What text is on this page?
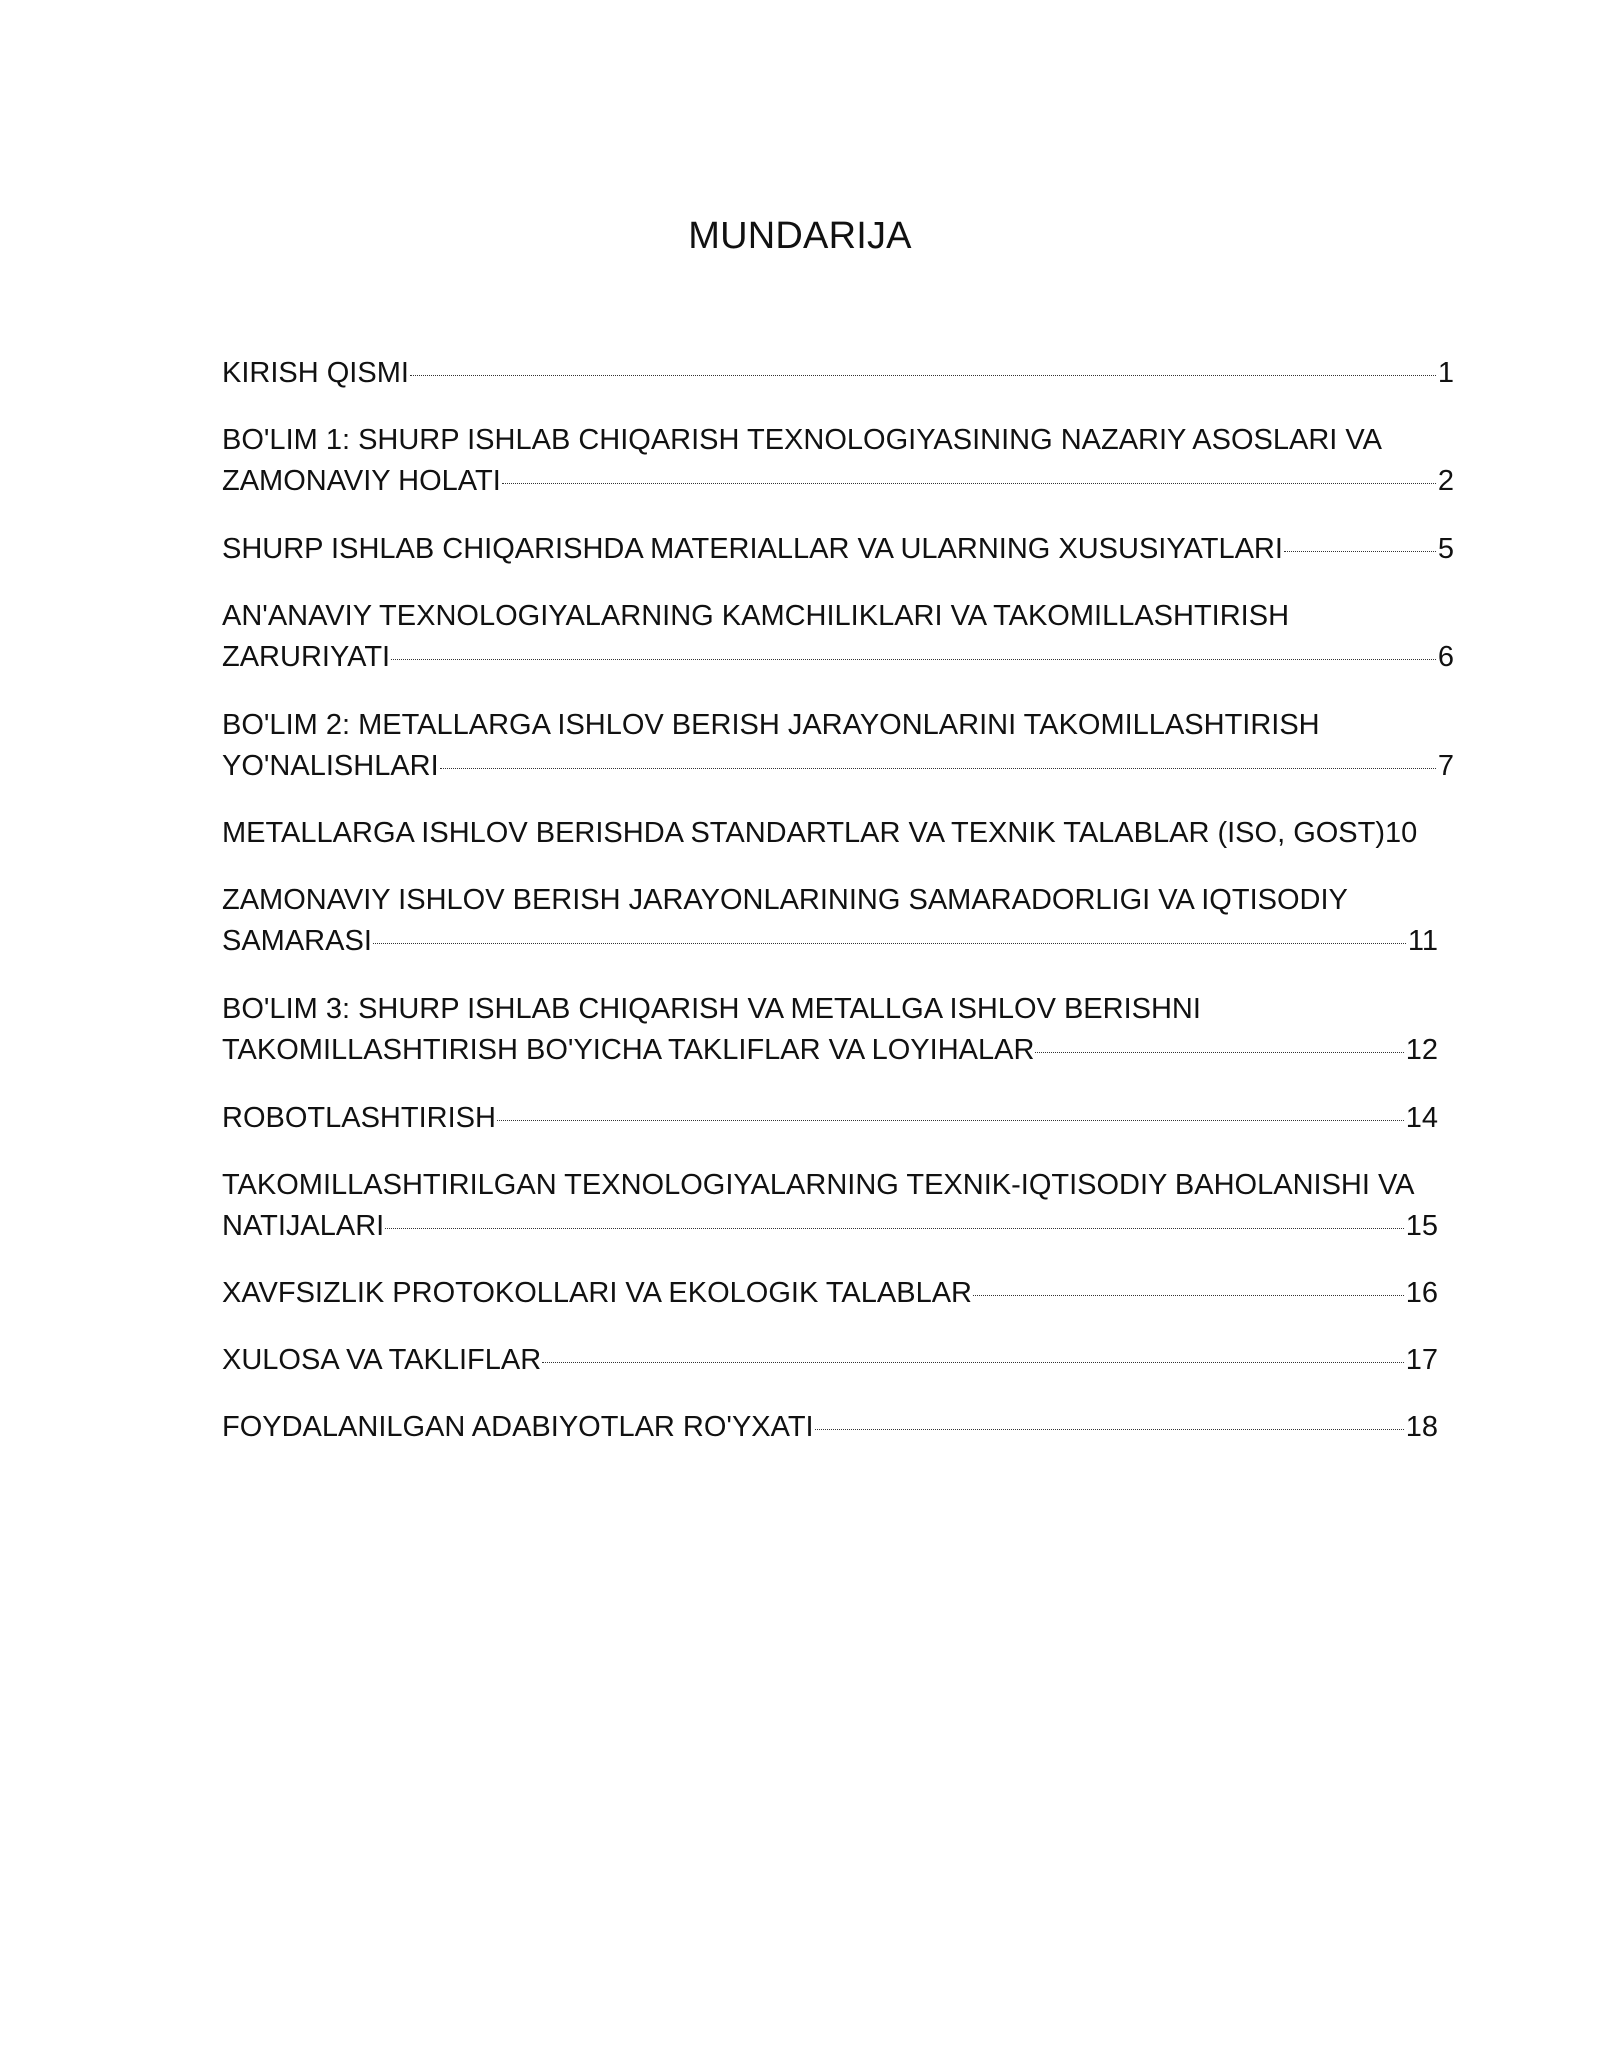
MUNDARIJA
KIRISH QISMI	1
BO'LIM 1: SHURP ISHLAB CHIQARISH TEXNOLOGIYASINING NAZARIY ASOSLARI VA
ZAMONAVIY HOLATI	2
SHURP ISHLAB CHIQARISHDA MATERIALLAR VA ULARNING XUSUSIYATLARI	5
AN'ANAVIY TEXNOLOGIYALARNING KAMCHILIKLARI VA TAKOMILLASHTIRISH
ZARURIYATI	6
BO'LIM 2: METALLARGA ISHLOV BERISH JARAYONLARINI TAKOMILLASHTIRISH
YO'NALISHLARI	7
METALLARGA ISHLOV BERISHDA STANDARTLAR VA TEXNIK TALABLAR (ISO, GOST) 10
ZAMONAVIY ISHLOV BERISH JARAYONLARINING SAMARADORLIGI VA IQTISODIY
SAMARASI	11
BO'LIM 3: SHURP ISHLAB CHIQARISH VA METALLGA ISHLOV BERISHNI
TAKOMILLASHTIRISH BO'YICHA TAKLIFLAR VA LOYIHALAR	12
ROBOTLASHTIRISH	14
TAKOMILLASHTIRILGAN TEXNOLOGIYALARNING TEXNIK-IQTISODIY BAHOLANISHI VA
NATIJALARI	15
XAVFSIZLIK PROTOKOLLARI VA EKOLOGIK TALABLAR	16
XULOSA VA TAKLIFLAR	17
FOYDALANILGAN ADABIYOTLAR RO'YXATI	18
